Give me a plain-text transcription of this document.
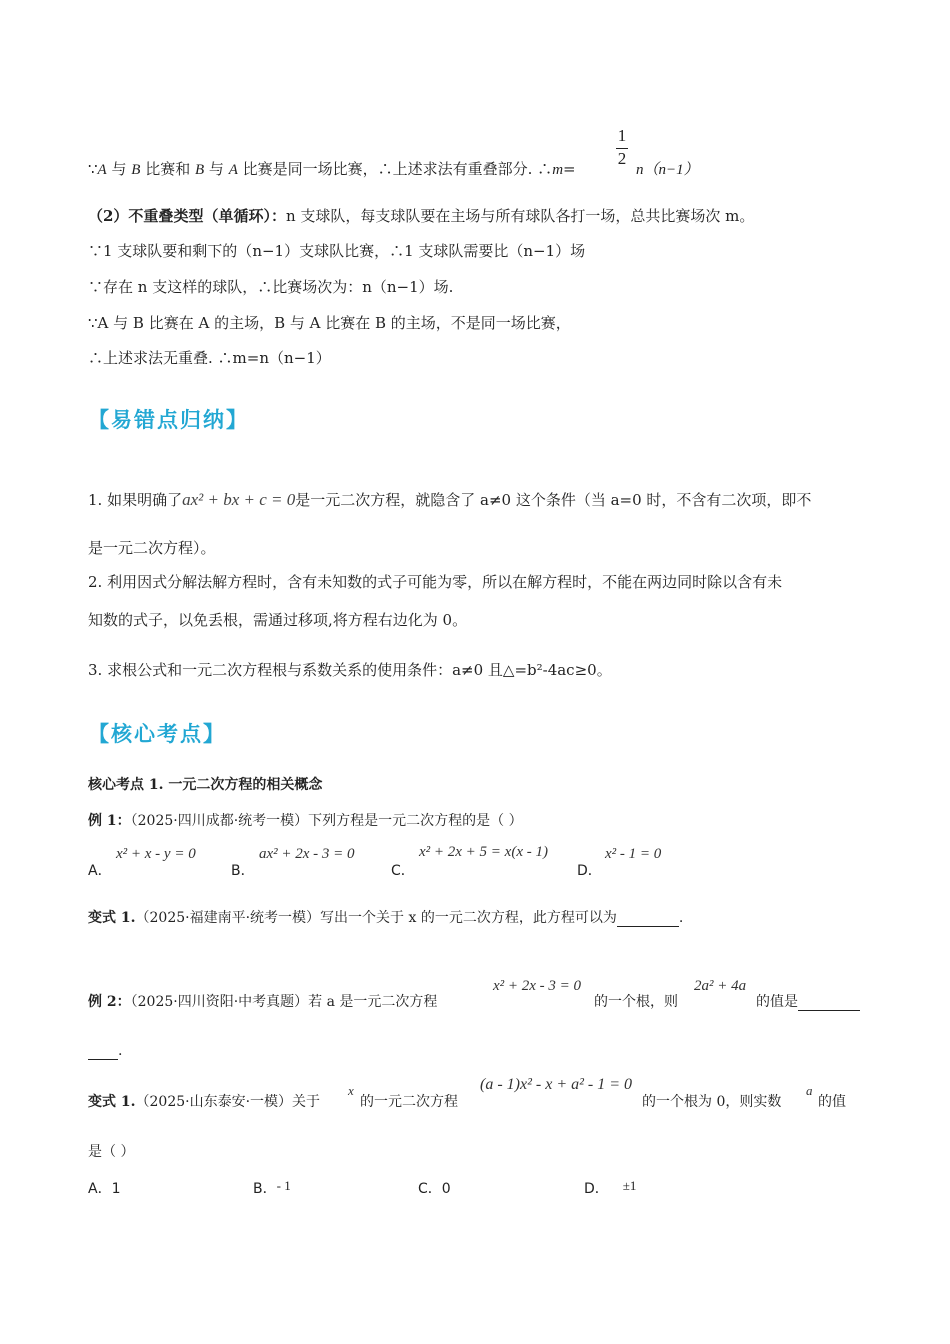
∵A 与 B 比赛和 B 与 A 比赛是同一场比赛，∴上述求法有重叠部分. ∴m=
1
2
n（n−1）
（2）不重叠类型（单循环）：n 支球队，每支球队要在主场与所有球队各打一场，总共比赛场次 m。
∵1 支球队要和剩下的（n−1）支球队比赛，∴1 支球队需要比（n−1）场
∵存在 n 支这样的球队，∴比赛场次为：n（n−1）场.
∵A 与 B 比赛在 A 的主场，B 与 A 比赛在 B 的主场，不是同一场比赛，
∴上述求法无重叠. ∴m=n（n−1）
【易错点归纳】
1. 如果明确了ax² + bx + c = 0是一元二次方程，就隐含了 a≠0 这个条件（当 a=0 时，不含有二次项，即不
是一元二次方程）。
2. 利用因式分解法解方程时，含有未知数的式子可能为零，所以在解方程时，不能在两边同时除以含有未
知数的式子，以免丢根，需通过移项,将方程右边化为 0。
3. 求根公式和一元二次方程根与系数关系的使用条件：a≠0 且△=b²-4ac≥0。
【核心考点】
核心考点 1. 一元二次方程的相关概念
例 1：（2025·四川成都·统考一模）下列方程是一元二次方程的是（ ）
A．
x² + x - y = 0
B．
ax² + 2x - 3 = 0
C．
x² + 2x + 5 = x(x - 1)
D．
x² - 1 = 0
变式 1.（2025·福建南平·统考一模）写出一个关于 x 的一元二次方程，此方程可以为	.
例 2：（2025·四川资阳·中考真题）若 a 是一元二次方程
x² + 2x - 3 = 0
的一个根，则
2a² + 4a
的值是
.
变式 1.（2025·山东泰安·一模）关于
x
的一元二次方程
(a - 1)x² - x + a² - 1 = 0
的一个根为 0，则实数
a
的值
是（ ）
A．1	B．- 1	C．0	D． ±1
